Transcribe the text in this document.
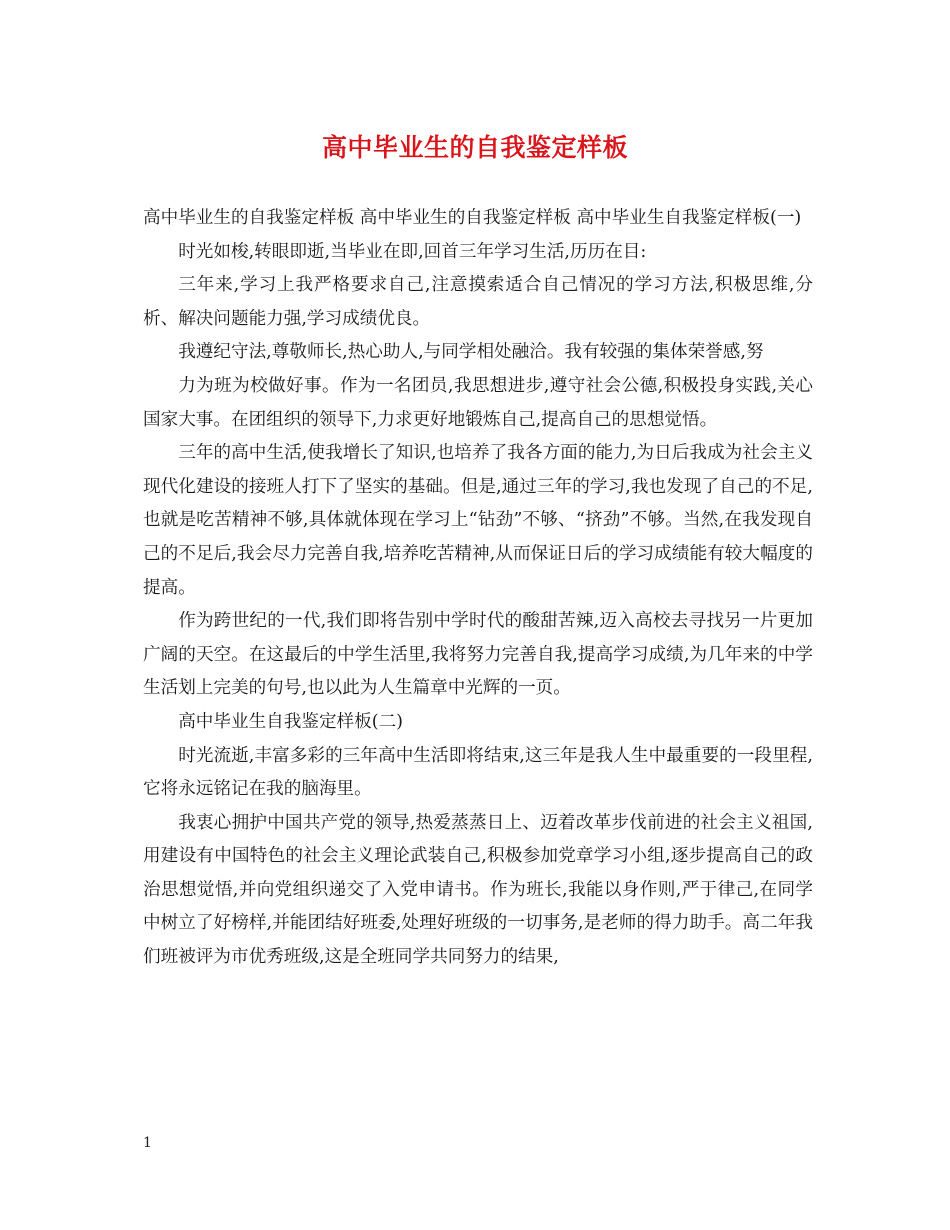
高中毕业生的自我鉴定样板

高中毕业生的自我鉴定样板 高中毕业生的自我鉴定样板 高中毕业生自我鉴定样板(一)

时光如梭,转眼即逝,当毕业在即,回首三年学习生活,历历在目:

三年来,学习上我严格要求自己,注意摸索适合自己情况的学习方法,积极思维,分析、解决问题能力强,学习成绩优良。

我遵纪守法,尊敬师长,热心助人,与同学相处融洽。我有较强的集体荣誉感,努

力为班为校做好事。作为一名团员,我思想进步,遵守社会公德,积极投身实践,关心国家大事。在团组织的领导下,力求更好地锻炼自己,提高自己的思想觉悟。

三年的高中生活,使我增长了知识,也培养了我各方面的能力,为日后我成为社会主义现代化建设的接班人打下了坚实的基础。但是,通过三年的学习,我也发现了自己的不足,也就是吃苦精神不够,具体就体现在学习上“钻劲”不够、“挤劲”不够。当然,在我发现自己的不足后,我会尽力完善自我,培养吃苦精神,从而保证日后的学习成绩能有较大幅度的提高。

作为跨世纪的一代,我们即将告别中学时代的酸甜苦辣,迈入高校去寻找另一片更加广阔的天空。在这最后的中学生活里,我将努力完善自我,提高学习成绩,为几年来的中学生活划上完美的句号,也以此为人生篇章中光辉的一页。

高中毕业生自我鉴定样板(二)

时光流逝,丰富多彩的三年高中生活即将结束,这三年是我人生中最重要的一段里程,它将永远铭记在我的脑海里。

我衷心拥护中国共产党的领导,热爱蒸蒸日上、迈着改革步伐前进的社会主义祖国,用建设有中国特色的社会主义理论武装自己,积极参加党章学习小组,逐步提高自己的政治思想觉悟,并向党组织递交了入党申请书。作为班长,我能以身作则,严于律己,在同学中树立了好榜样,并能团结好班委,处理好班级的一切事务,是老师的得力助手。高二年我们班被评为市优秀班级,这是全班同学共同努力的结果,

1
